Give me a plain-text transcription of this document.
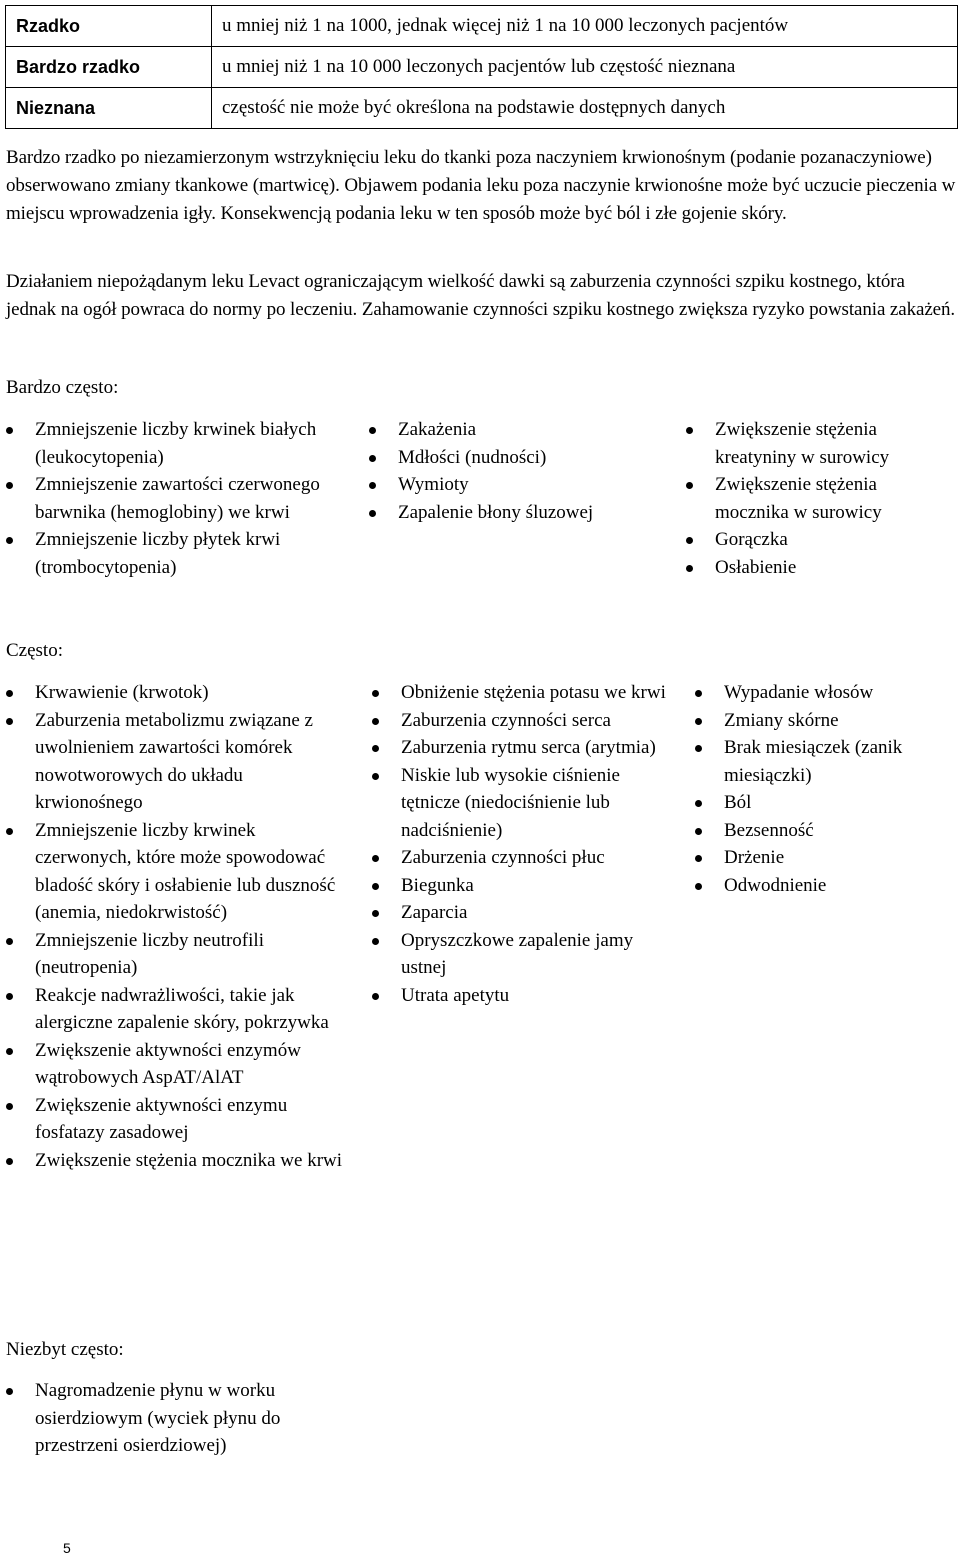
Rzadko	u mniej niż 1 na 1000, jednak więcej niż 1 na 10 000 leczonych pacjentów
Bardzo rzadko	u mniej niż 1 na 10 000 leczonych pacjentów lub częstość nieznana
Nieznana	częstość nie może być określona na podstawie dostępnych danych

Bardzo rzadko po niezamierzonym wstrzyknięciu leku do tkanki poza naczyniem krwionośnym (podanie pozanaczyniowe) obserwowano zmiany tkankowe (martwicę). Objawem podania leku poza naczynie krwionośne może być uczucie pieczenia w miejscu wprowadzenia igły. Konsekwencją podania leku w ten sposób może być ból i złe gojenie skóry.

Działaniem niepożądanym leku Levact ograniczającym wielkość dawki są zaburzenia czynności szpiku kostnego, która jednak na ogół powraca do normy po leczeniu. Zahamowanie czynności szpiku kostnego zwiększa ryzyko powstania zakażeń.

Bardzo często:
Zmniejszenie liczby krwinek białych (leukocytopenia)
Zmniejszenie zawartości czerwonego barwnika (hemoglobiny) we krwi
Zmniejszenie liczby płytek krwi (trombocytopenia)
Zakażenia
Mdłości (nudności)
Wymioty
Zapalenie błony śluzowej
Zwiększenie stężenia kreatyniny w surowicy
Zwiększenie stężenia mocznika w surowicy
Gorączka
Osłabienie
Często:
Krwawienie (krwotok)
Zaburzenia metabolizmu związane z uwolnieniem zawartości komórek nowotworowych do układu krwionośnego
Zmniejszenie liczby krwinek czerwonych, które może spowodować bladość skóry i osłabienie lub duszność (anemia, niedokrwistość)
Zmniejszenie liczby neutrofili (neutropenia)
Reakcje nadwrażliwości, takie jak alergiczne zapalenie skóry, pokrzywka
Zwiększenie aktywności enzymów wątrobowych AspAT/AlAT
Zwiększenie aktywności enzymu fosfatazy zasadowej
Zwiększenie stężenia mocznika we krwi
Obniżenie stężenia potasu we krwi
Zaburzenia czynności serca
Zaburzenia rytmu serca (arytmia)
Niskie lub wysokie ciśnienie tętnicze (niedociśnienie lub nadciśnienie)
Zaburzenia czynności płuc
Biegunka
Zaparcia
Opryszczkowe zapalenie jamy ustnej
Utrata apetytu
Wypadanie włosów
Zmiany skórne
Brak miesiączek (zanik miesiączki)
Ból
Bezsenność
Drżenie
Odwodnienie
Niezbyt często:
Nagromadzenie płynu w worku osierdziowym (wyciek płynu do przestrzeni osierdziowej)
5
